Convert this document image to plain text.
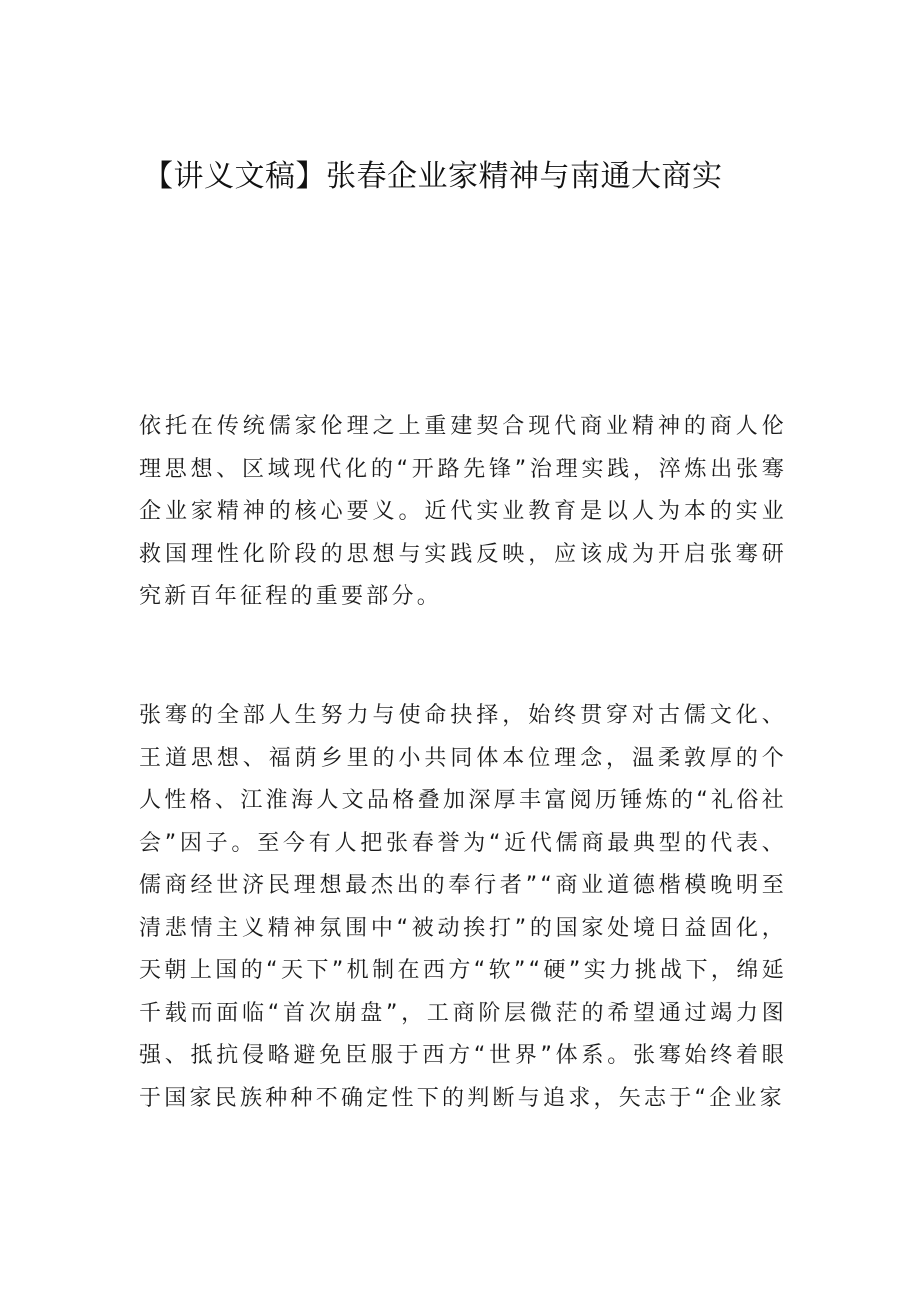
【讲义文稿】张春企业家精神与南通大商实

依托在传统儒家伦理之上重建契合现代商业精神的商人伦理思想、区域现代化的“开路先锋”治理实践，淬炼出张骞企业家精神的核心要义。近代实业教育是以人为本的实业救国理性化阶段的思想与实践反映，应该成为开启张骞研究新百年征程的重要部分。

张骞的全部人生努力与使命抉择，始终贯穿对古儒文化、王道思想、福荫乡里的小共同体本位理念，温柔敦厚的个人性格、江淮海人文品格叠加深厚丰富阅历锤炼的“礼俗社会”因子。至今有人把张春誉为“近代儒商最典型的代表、儒商经世济民理想最杰出的奉行者”“商业道德楷模晚明至清悲情主义精神氛围中“被动挨打”的国家处境日益固化，天朝上国的“天下”机制在西方“软”“硬”实力挑战下，绵延千载而面临“首次崩盘”，工商阶层微茫的希望通过竭力图强、抵抗侵略避免臣服于西方“世界”体系。张骞始终着眼于国家民族种种不确定性下的判断与追求，矢志于“企业家
